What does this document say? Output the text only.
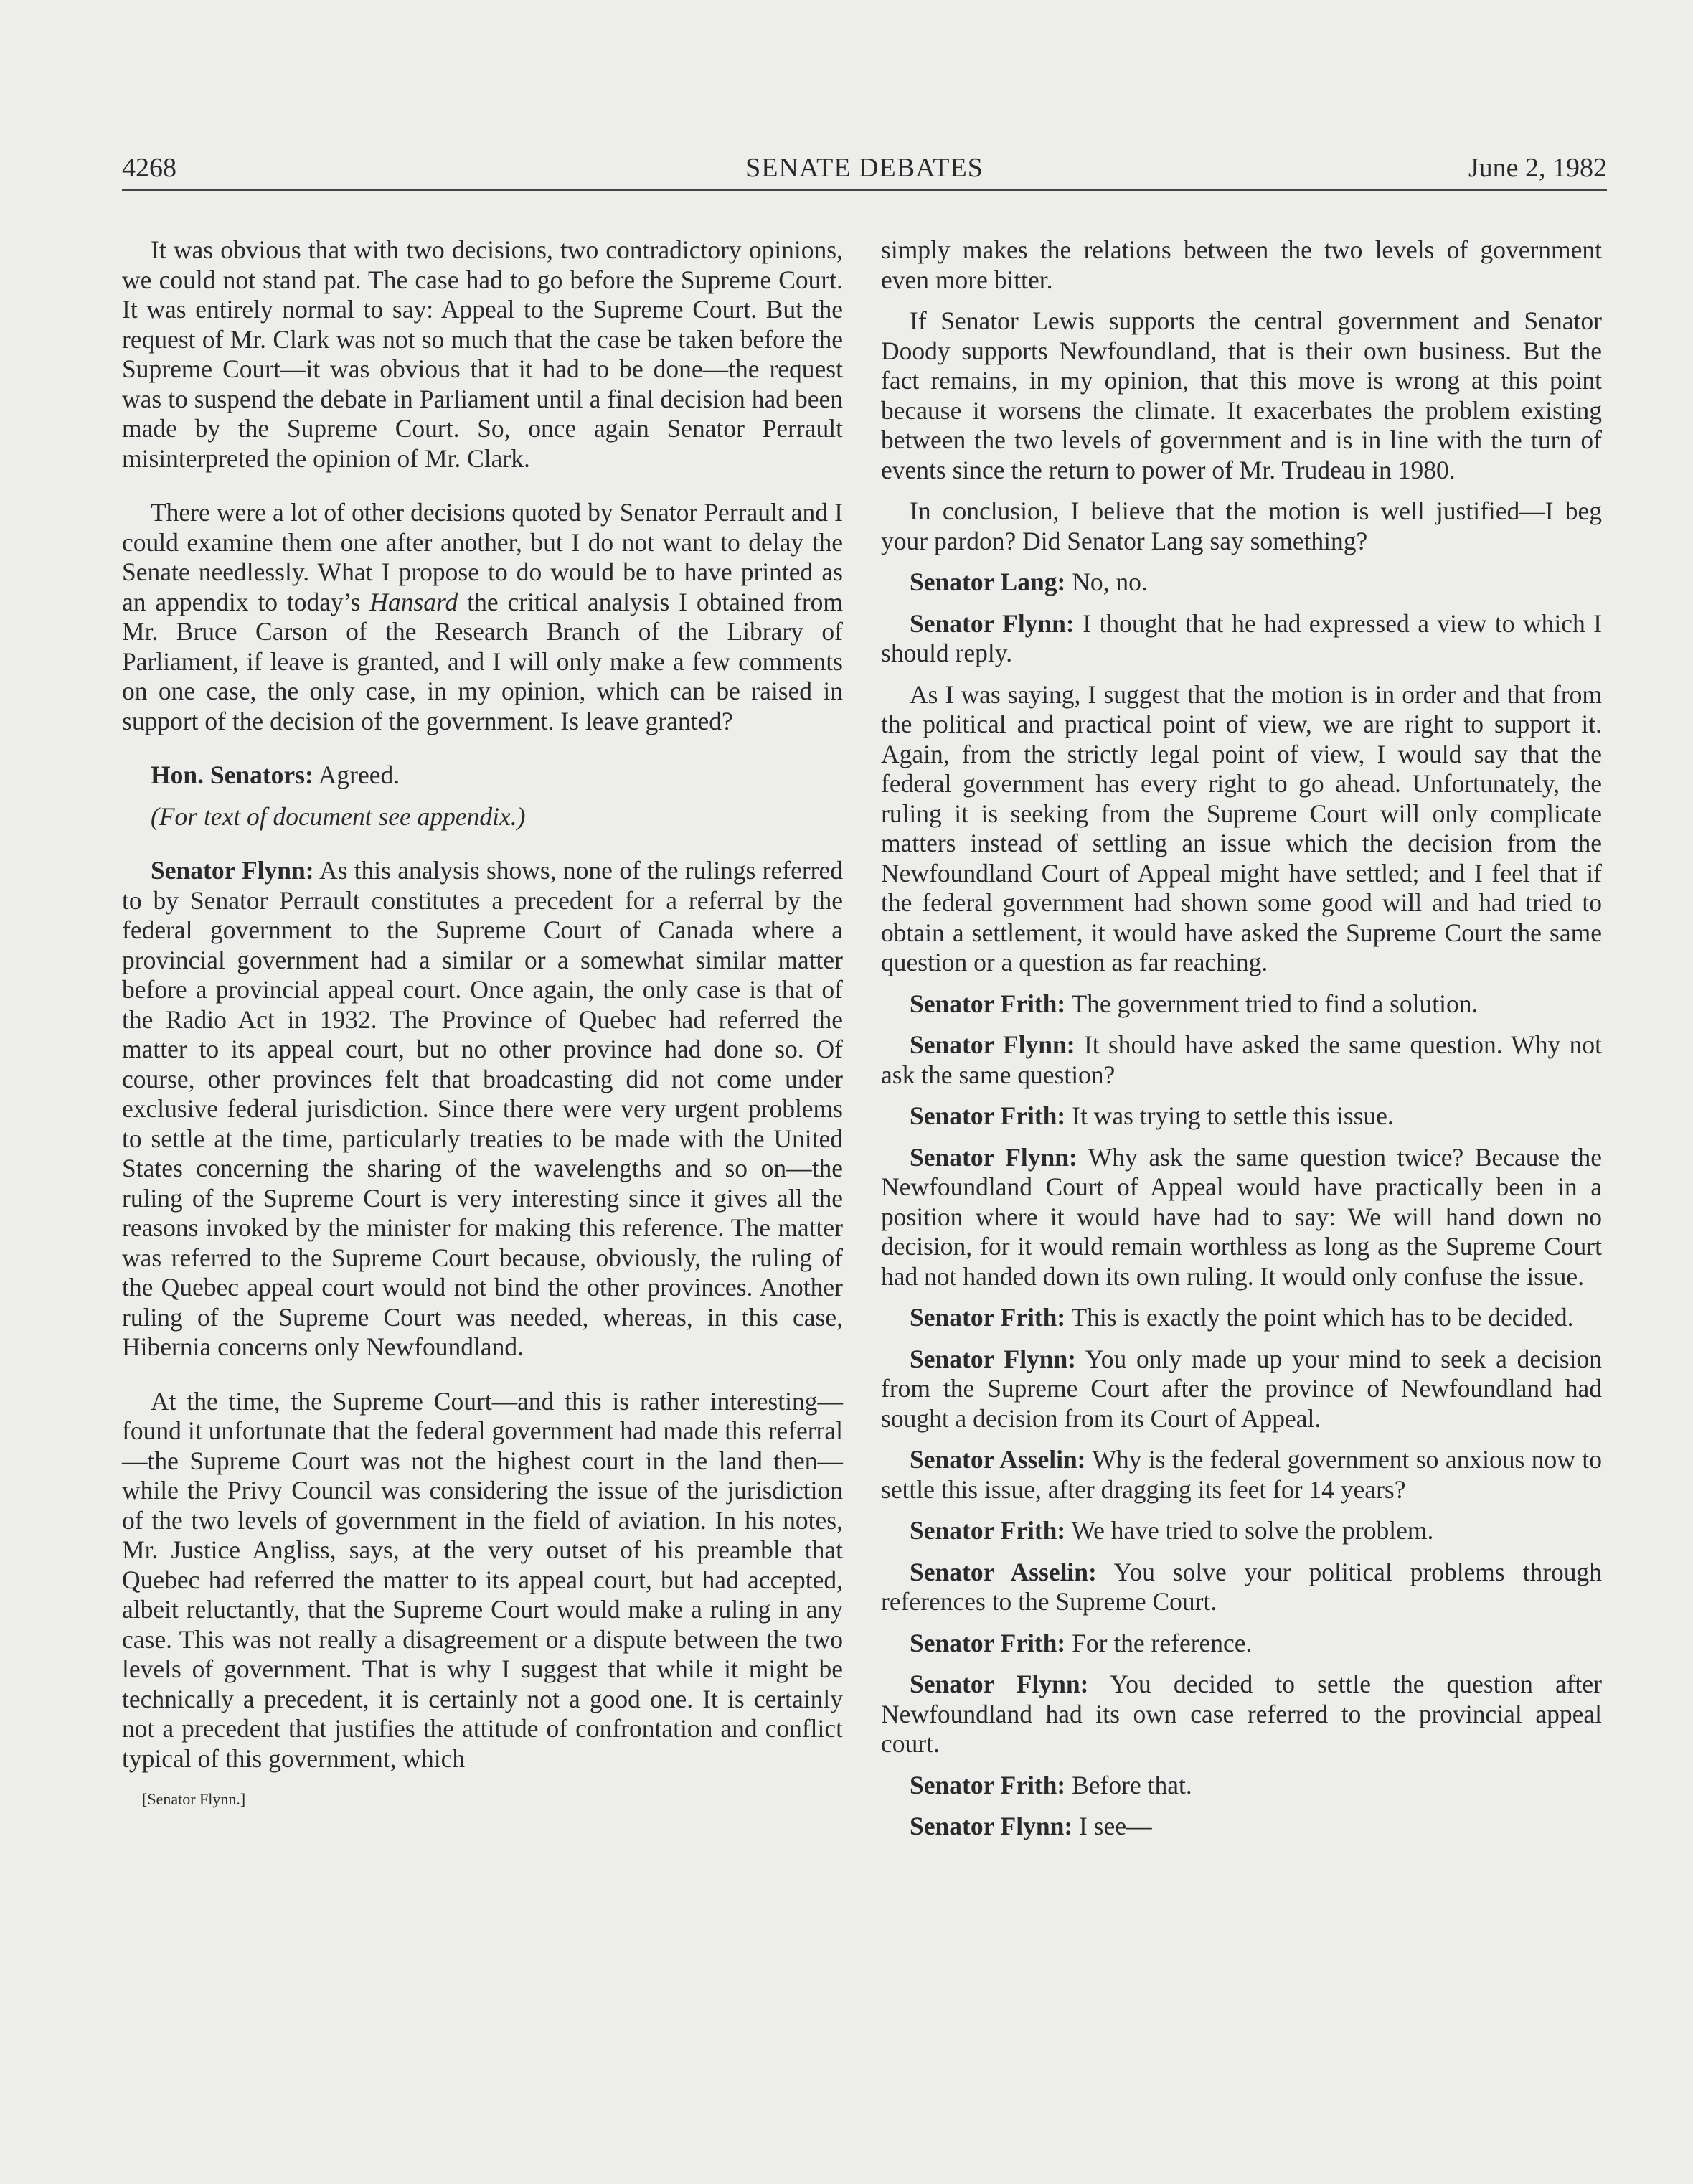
4268	SENATE DEBATES	June 2, 1982

It was obvious that with two decisions, two contradictory opinions, we could not stand pat. The case had to go before the Supreme Court. It was entirely normal to say: Appeal to the Supreme Court. But the request of Mr. Clark was not so much that the case be taken before the Supreme Court—it was obvious that it had to be done—the request was to suspend the debate in Parliament until a final decision had been made by the Supreme Court. So, once again Senator Perrault misinterpreted the opinion of Mr. Clark.

There were a lot of other decisions quoted by Senator Perrault and I could examine them one after another, but I do not want to delay the Senate needlessly. What I propose to do would be to have printed as an appendix to today’s Hansard the critical analysis I obtained from Mr. Bruce Carson of the Research Branch of the Library of Parliament, if leave is granted, and I will only make a few comments on one case, the only case, in my opinion, which can be raised in support of the decision of the government. Is leave granted?

Hon. Senators: Agreed.

(For text of document see appendix.)

Senator Flynn: As this analysis shows, none of the rulings referred to by Senator Perrault constitutes a precedent for a referral by the federal government to the Supreme Court of Canada where a provincial government had a similar or a somewhat similar matter before a provincial appeal court. Once again, the only case is that of the Radio Act in 1932. The Province of Quebec had referred the matter to its appeal court, but no other province had done so. Of course, other provinces felt that broadcasting did not come under exclusive federal jurisdiction. Since there were very urgent problems to settle at the time, particularly treaties to be made with the United States concerning the sharing of the wavelengths and so on—the ruling of the Supreme Court is very interesting since it gives all the reasons invoked by the minister for making this reference. The matter was referred to the Supreme Court because, obviously, the ruling of the Quebec appeal court would not bind the other provinces. Another ruling of the Supreme Court was needed, whereas, in this case, Hibernia concerns only Newfoundland.

At the time, the Supreme Court—and this is rather interesting—found it unfortunate that the federal government had made this referral—the Supreme Court was not the highest court in the land then—while the Privy Council was considering the issue of the jurisdiction of the two levels of government in the field of aviation. In his notes, Mr. Justice Angliss, says, at the very outset of his preamble that Quebec had referred the matter to its appeal court, but had accepted, albeit reluctantly, that the Supreme Court would make a ruling in any case. This was not really a disagreement or a dispute between the two levels of government. That is why I suggest that while it might be technically a precedent, it is certainly not a good one. It is certainly not a precedent that justifies the attitude of confrontation and conflict typical of this government, which

[Senator Flynn.]

simply makes the relations between the two levels of government even more bitter.

If Senator Lewis supports the central government and Senator Doody supports Newfoundland, that is their own business. But the fact remains, in my opinion, that this move is wrong at this point because it worsens the climate. It exacerbates the problem existing between the two levels of government and is in line with the turn of events since the return to power of Mr. Trudeau in 1980.

In conclusion, I believe that the motion is well justified—I beg your pardon? Did Senator Lang say something?

Senator Lang: No, no.

Senator Flynn: I thought that he had expressed a view to which I should reply.

As I was saying, I suggest that the motion is in order and that from the political and practical point of view, we are right to support it. Again, from the strictly legal point of view, I would say that the federal government has every right to go ahead. Unfortunately, the ruling it is seeking from the Supreme Court will only complicate matters instead of settling an issue which the decision from the Newfoundland Court of Appeal might have settled; and I feel that if the federal government had shown some good will and had tried to obtain a settlement, it would have asked the Supreme Court the same question or a question as far reaching.

Senator Frith: The government tried to find a solution.

Senator Flynn: It should have asked the same question. Why not ask the same question?

Senator Frith: It was trying to settle this issue.

Senator Flynn: Why ask the same question twice? Because the Newfoundland Court of Appeal would have practically been in a position where it would have had to say: We will hand down no decision, for it would remain worthless as long as the Supreme Court had not handed down its own ruling. It would only confuse the issue.

Senator Frith: This is exactly the point which has to be decided.

Senator Flynn: You only made up your mind to seek a decision from the Supreme Court after the province of Newfoundland had sought a decision from its Court of Appeal.

Senator Asselin: Why is the federal government so anxious now to settle this issue, after dragging its feet for 14 years?

Senator Frith: We have tried to solve the problem.

Senator Asselin: You solve your political problems through references to the Supreme Court.

Senator Frith: For the reference.

Senator Flynn: You decided to settle the question after Newfoundland had its own case referred to the provincial appeal court.

Senator Frith: Before that.

Senator Flynn: I see—
